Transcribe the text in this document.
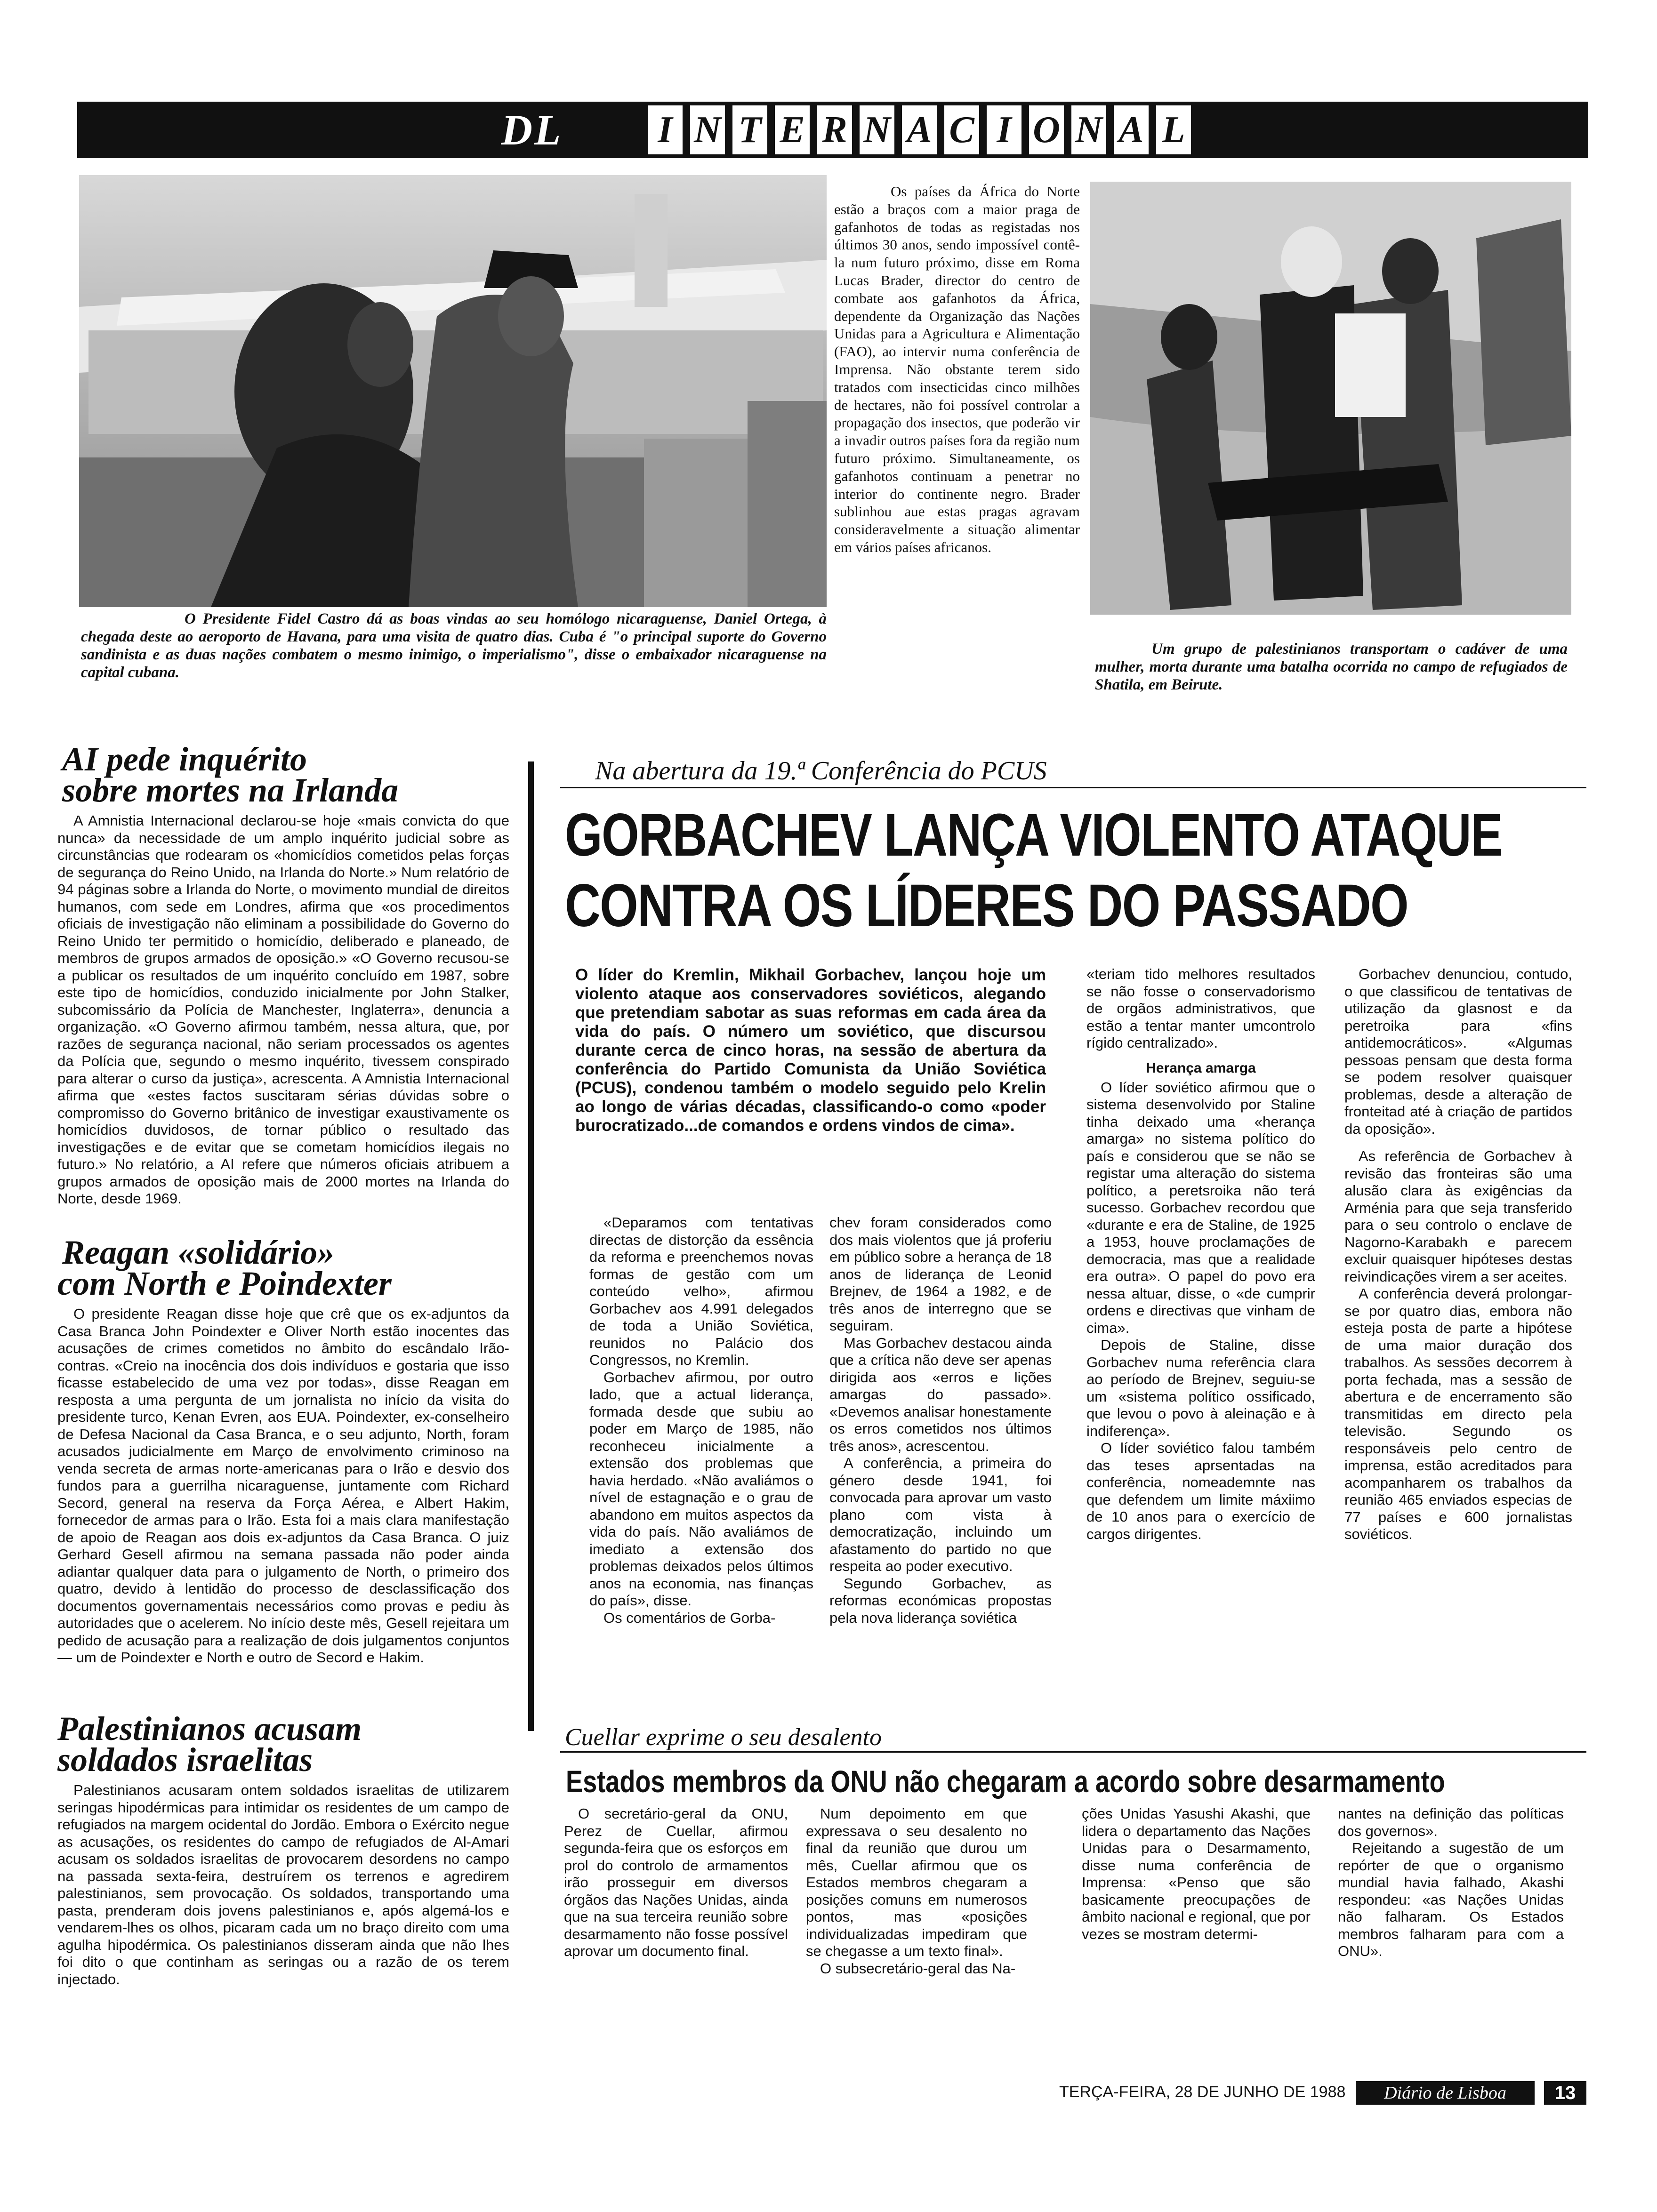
DL	I N T E R N A C I O N A L

O Presidente Fidel Castro dá as boas vindas ao seu homólogo nicaraguense, Daniel Ortega, à chegada deste ao aeroporto de Havana, para uma visita de quatro dias. Cuba é "o principal suporte do Governo sandinista e as duas nações combatem o mesmo inimigo, o imperialismo", disse o embaixador nicaraguense na capital cubana.

Os países da África do Norte estão a braços com a maior praga de gafanhotos de todas as registadas nos últimos 30 anos, sendo impossível contê-la num futuro próximo, disse em Roma Lucas Brader, director do centro de combate aos gafanhotos da África, dependente da Organização das Nações Unidas para a Agricultura e Alimentação (FAO), ao intervir numa conferência de Imprensa. Não obstante terem sido tratados com insecticidas cinco milhões de hectares, não foi possível controlar a propagação dos insectos, que poderão vir a invadir outros países fora da região num futuro próximo. Simultaneamente, os gafanhotos continuam a penetrar no interior do continente negro. Brader sublinhou aue estas pragas agravam consideravelmente a situação alimentar em vários países africanos.

Um grupo de palestinianos transportam o cadáver de uma mulher, morta durante uma batalha ocorrida no campo de refugiados de Shatila, em Beirute.

AI pede inquérito
sobre mortes na Irlanda

A Amnistia Internacional declarou-se hoje «mais convicta do que nunca» da necessidade de um amplo inquérito judicial sobre as circunstâncias que rodearam os «homicídios cometidos pelas forças de segurança do Reino Unido, na Irlanda do Norte.» Num relatório de 94 páginas sobre a Irlanda do Norte, o movimento mundial de direitos humanos, com sede em Londres, afirma que «os procedimentos oficiais de investigação não eliminam a possibilidade do Governo do Reino Unido ter permitido o homicídio, deliberado e planeado, de membros de grupos armados de oposição.» «O Governo recusou-se a publicar os resultados de um inquérito concluído em 1987, sobre este tipo de homicídios, conduzido inicialmente por John Stalker, subcomissário da Polícia de Manchester, Inglaterra», denuncia a organização. «O Governo afirmou também, nessa altura, que, por razões de segurança nacional, não seriam processados os agentes da Polícia que, segundo o mesmo inquérito, tivessem conspirado para alterar o curso da justiça», acrescenta. A Amnistia Internacional afirma que «estes factos suscitaram sérias dúvidas sobre o compromisso do Governo britânico de investigar exaustivamente os homicídios duvidosos, de tornar público o resultado das investigações e de evitar que se cometam homicídios ilegais no futuro.» No relatório, a AI refere que números oficiais atribuem a grupos armados de oposição mais de 2000 mortes na Irlanda do Norte, desde 1969.

Reagan «solidário»
com North e Poindexter

O presidente Reagan disse hoje que crê que os ex-adjuntos da Casa Branca John Poindexter e Oliver North estão inocentes das acusações de crimes cometidos no âmbito do escândalo Irão-contras. «Creio na inocência dos dois indivíduos e gostaria que isso ficasse estabelecido de uma vez por todas», disse Reagan em resposta a uma pergunta de um jornalista no início da visita do presidente turco, Kenan Evren, aos EUA. Poindexter, ex-conselheiro de Defesa Nacional da Casa Branca, e o seu adjunto, North, foram acusados judicialmente em Março de envolvimento criminoso na venda secreta de armas norte-americanas para o Irão e desvio dos fundos para a guerrilha nicaraguense, juntamente com Richard Secord, general na reserva da Força Aérea, e Albert Hakim, fornecedor de armas para o Irão. Esta foi a mais clara manifestação de apoio de Reagan aos dois ex-adjuntos da Casa Branca. O juiz Gerhard Gesell afirmou na semana passada não poder ainda adiantar qualquer data para o julgamento de North, o primeiro dos quatro, devido à lentidão do processo de desclassificação dos documentos governamentais necessários como provas e pediu às autoridades que o acelerem. No início deste mês, Gesell rejeitara um pedido de acusação para a realização de dois julgamentos conjuntos — um de Poindexter e North e outro de Secord e Hakim.

Palestinianos acusam
soldados israelitas

Palestinianos acusaram ontem soldados israelitas de utilizarem seringas hipodérmicas para intimidar os residentes de um campo de refugiados na margem ocidental do Jordão. Embora o Exército negue as acusações, os residentes do campo de refugiados de Al-Amari acusam os soldados israelitas de provocarem desordens no campo na passada sexta-feira, destruírem os terrenos e agredirem palestinianos, sem provocação. Os soldados, transportando uma pasta, prenderam dois jovens palestinianos e, após algemá-los e vendarem-lhes os olhos, picaram cada um no braço direito com uma agulha hipodérmica. Os palestinianos disseram ainda que não lhes foi dito o que continham as seringas ou a razão de os terem injectado.

Na abertura da 19.ª Conferência do PCUS
GORBACHEV LANÇA VIOLENTO ATAQUE
CONTRA OS LÍDERES DO PASSADO

O líder do Kremlin, Mikhail Gorbachev, lançou hoje um violento ataque aos conservadores soviéticos, alegando que pretendiam sabotar as suas reformas em cada área da vida do país. O número um soviético, que discursou durante cerca de cinco horas, na sessão de abertura da conferência do Partido Comunista da União Soviética (PCUS), condenou também o modelo seguido pelo Krelin ao longo de várias décadas, classificando-o como «poder burocratizado...de comandos e ordens vindos de cima».

«Deparamos com tentativas directas de distorção da essência da reforma e preenchemos novas formas de gestão com um conteúdo velho», afirmou Gorbachev aos 4.991 delegados de toda a União Soviética, reunidos no Palácio dos Congressos, no Kremlin.

Gorbachev afirmou, por outro lado, que a actual liderança, formada desde que subiu ao poder em Março de 1985, não reconheceu inicialmente a extensão dos problemas que havia herdado. «Não avaliámos o nível de estagnação e o grau de abandono em muitos aspectos da vida do país. Não avaliámos de imediato a extensão dos problemas deixados pelos últimos anos na economia, nas finanças do país», disse.

Os comentários de Gorba-

chev foram considerados como dos mais violentos que já proferiu em público sobre a herança de 18 anos de liderança de Leonid Brejnev, de 1964 a 1982, e de três anos de interregno que se seguiram.

Mas Gorbachev destacou ainda que a crítica não deve ser apenas dirigida aos «erros e lições amargas do passado». «Devemos analisar honestamente os erros cometidos nos últimos três anos», acrescentou.

A conferência, a primeira do género desde 1941, foi convocada para aprovar um vasto plano com vista à democratização, incluindo um afastamento do partido no que respeita ao poder executivo.

Segundo Gorbachev, as reformas económicas propostas pela nova liderança soviética

«teriam tido melhores resultados se não fosse o conservadorismo de orgãos administrativos, que estão a tentar manter umcontrolo rígido centralizado».

Herança amarga

O líder soviético afirmou que o sistema desenvolvido por Staline tinha deixado uma «herança amarga» no sistema político do país e considerou que se não se registar uma alteração do sistema político, a peretsroika não terá sucesso. Gorbachev recordou que «durante e era de Staline, de 1925 a 1953, houve proclamações de democracia, mas que a realidade era outra». O papel do povo era nessa altuar, disse, o «de cumprir ordens e directivas que vinham de cima».

Depois de Staline, disse Gorbachev numa referência clara ao período de Brejnev, seguiu-se um «sistema político ossificado, que levou o povo à aleinação e à indiferença».

O líder soviético falou também das teses aprsentadas na conferência, nomeademnte nas que defendem um limite máxiimo de 10 anos para o exercício de cargos dirigentes.

Gorbachev denunciou, contudo, o que classificou de tentativas de utilização da glasnost e da peretroika para «fins antidemocráticos». «Algumas pessoas pensam que desta forma se podem resolver quaisquer problemas, desde a alteração de fronteitad até à criação de partidos da oposição».

As referência de Gorbachev à revisão das fronteiras são uma alusão clara às exigências da Arménia para que seja transferido para o seu controlo o enclave de Nagorno-Karabakh e parecem excluir quaisquer hipóteses destas reivindicações virem a ser aceites.

A conferência deverá prolongar-se por quatro dias, embora não esteja posta de parte a hipótese de uma maior duração dos trabalhos. As sessões decorrem à porta fechada, mas a sessão de abertura e de encerramento são transmitidas em directo pela televisão. Segundo os responsáveis pelo centro de imprensa, estão acreditados para acompanharem os trabalhos da reunião 465 enviados especias de 77 países e 600 jornalistas soviéticos.

Cuellar exprime o seu desalento
Estados membros da ONU não chegaram a acordo sobre desarmamento

O secretário-geral da ONU, Perez de Cuellar, afirmou segunda-feira que os esforços em prol do controlo de armamentos irão prosseguir em diversos órgãos das Nações Unidas, ainda que na sua terceira reunião sobre desarmamento não fosse possível aprovar um documento final.

Num depoimento em que expressava o seu desalento no final da reunião que durou um mês, Cuellar afirmou que os Estados membros chegaram a posições comuns em numerosos pontos, mas «posições individualizadas impediram que se chegasse a um texto final».

O subsecretário-geral das Na-

ções Unidas Yasushi Akashi, que lidera o departamento das Nações Unidas para o Desarmamento, disse numa conferência de Imprensa: «Penso que são basicamente preocupações de âmbito nacional e regional, que por vezes se mostram determi-

nantes na definição das políticas dos governos».

Rejeitando a sugestão de um repórter de que o organismo mundial havia falhado, Akashi respondeu: «as Nações Unidas não falharam. Os Estados membros falharam para com a ONU».

TERÇA-FEIRA, 28 DE JUNHO DE 1988	Diário de Lisboa	13
